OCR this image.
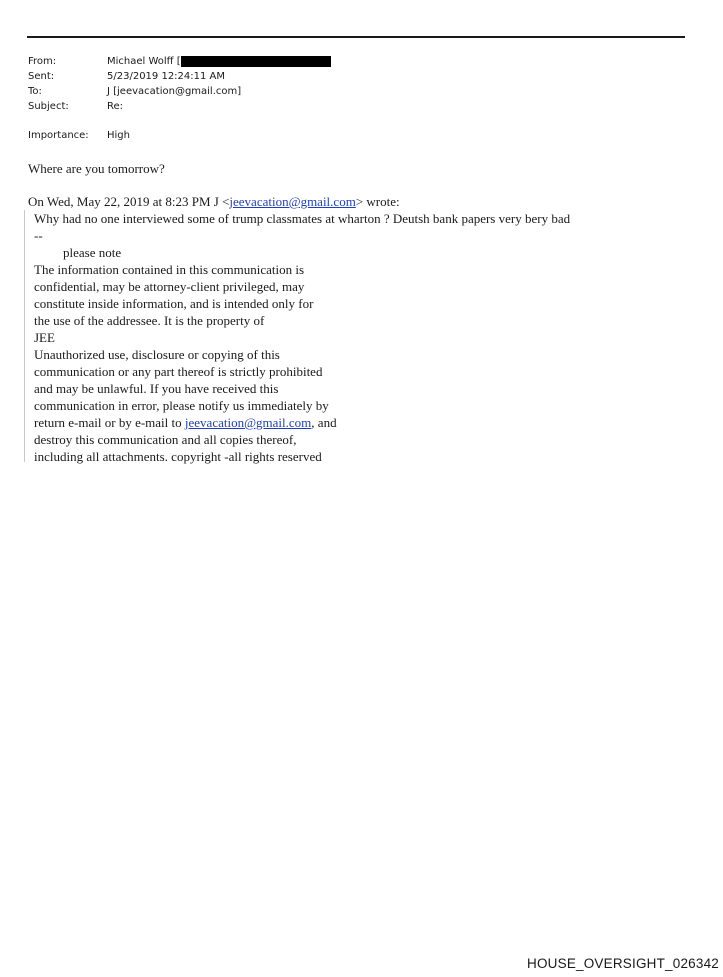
From:	Michael Wolff [
Sent:	5/23/2019 12:24:11 AM
To:	J [jeevacation@gmail.com]
Subject:	Re:
Importance:	High
Where are you tomorrow?
On Wed, May 22, 2019 at 8:23 PM J <jeevacation@gmail.com> wrote:
Why had no one interviewed some of trump classmates at wharton ? Deutsh bank papers very bery bad
--
please note
The information contained in this communication is
confidential, may be attorney-client privileged, may
constitute inside information, and is intended only for
the use of the addressee. It is the property of
JEE
Unauthorized use, disclosure or copying of this
communication or any part thereof is strictly prohibited
and may be unlawful. If you have received this
communication in error, please notify us immediately by
return e-mail or by e-mail to jeevacation@gmail.com, and
destroy this communication and all copies thereof,
including all attachments. copyright -all rights reserved
HOUSE_OVERSIGHT_026342
